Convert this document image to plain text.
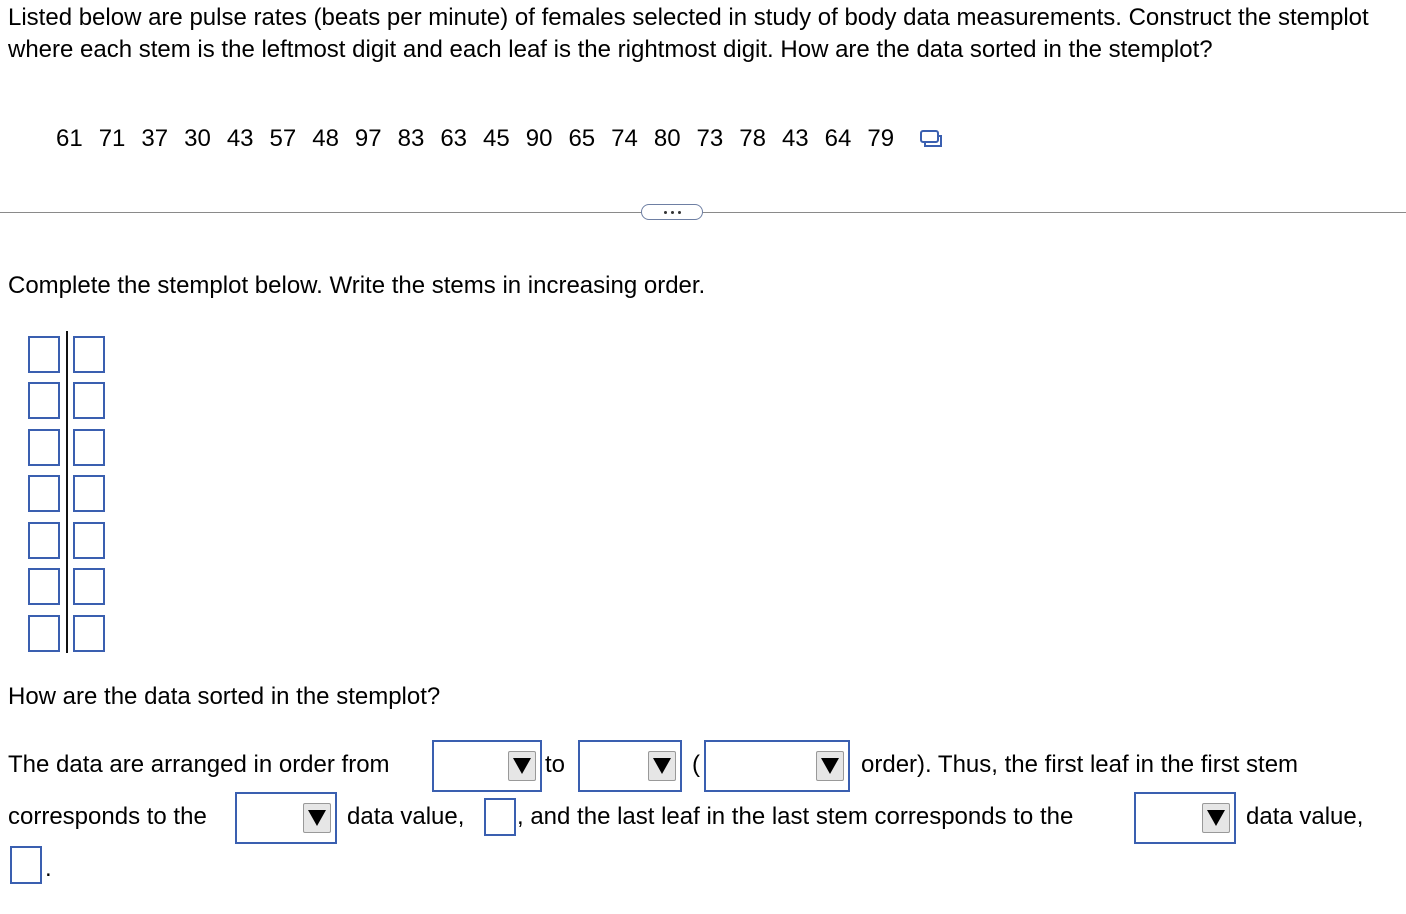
Listed below are pulse rates (beats per minute) of females selected in study of body data measurements. Construct the stemplot where each stem is the leftmost digit and each leaf is the rightmost digit. How are the data sorted in the stemplot?

61 71 37 30 43 57 48 97 83 63 45 90 65 74 80 73 78 43 64 79
Complete the stemplot below. Write the stems in increasing order.
How are the data sorted in the stemplot?
The data are arranged in order from	to	(	order). Thus, the first leaf in the first stem
corresponds to the	data value, , and the last leaf in the last stem corresponds to the	data value,
.
